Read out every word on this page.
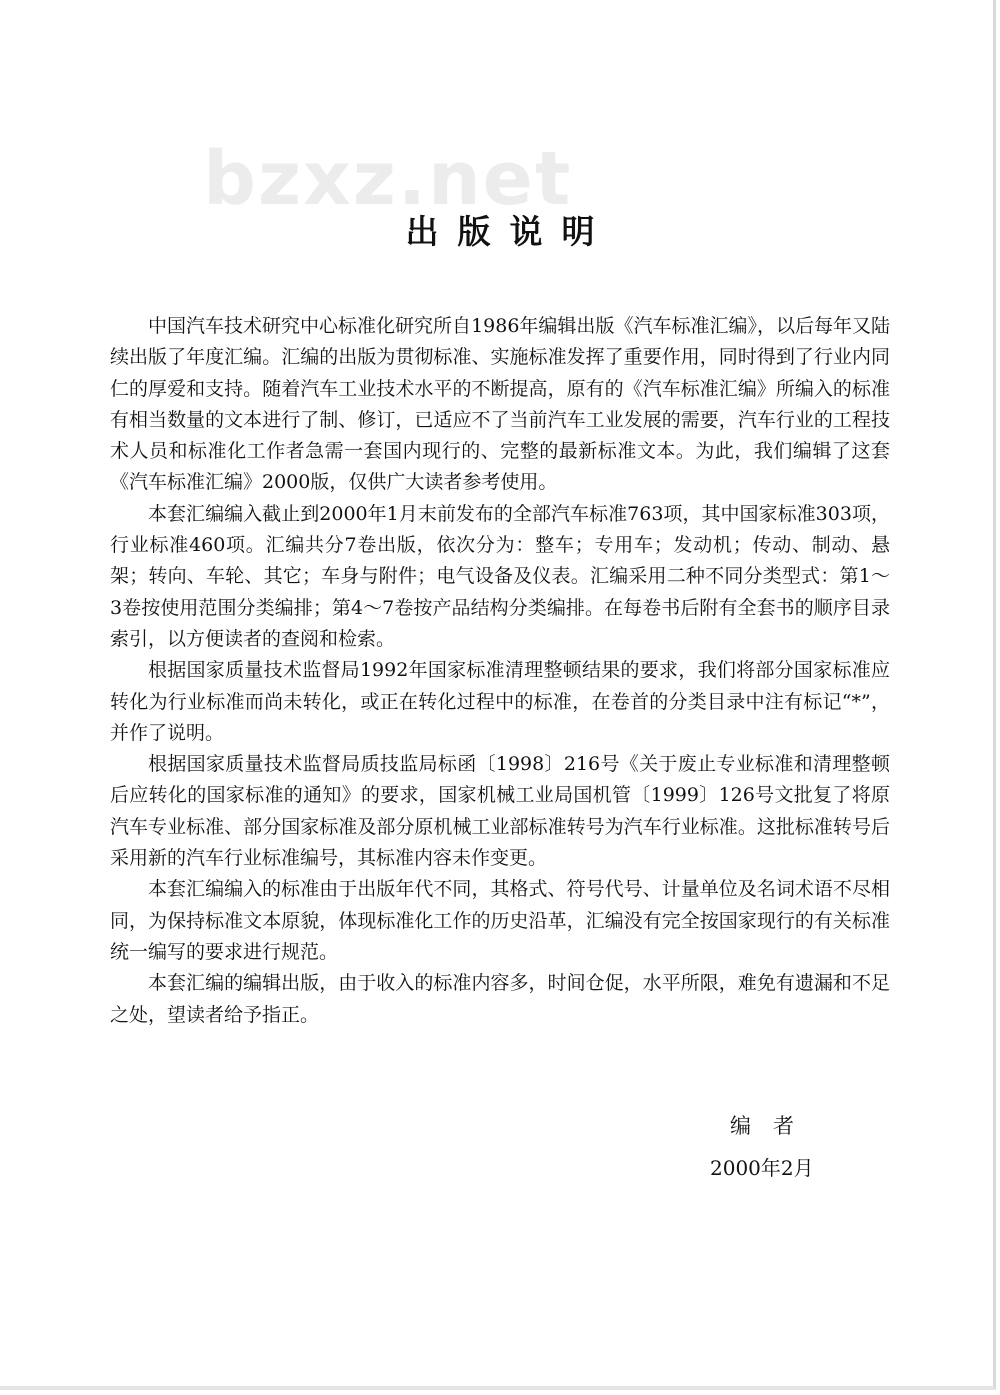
bzxz.net
出版说明

中国汽车技术研究中心标准化研究所自1986年编辑出版《汽车标准汇编》，以后每年又陆续出版了年度汇编。汇编的出版为贯彻标准、实施标准发挥了重要作用，同时得到了行业内同仁的厚爱和支持。随着汽车工业技术水平的不断提高，原有的《汽车标准汇编》所编入的标准有相当数量的文本进行了制、修订，已适应不了当前汽车工业发展的需要，汽车行业的工程技术人员和标准化工作者急需一套国内现行的、完整的最新标准文本。为此，我们编辑了这套《汽车标准汇编》2000版，仅供广大读者参考使用。

本套汇编编入截止到2000年1月末前发布的全部汽车标准763项，其中国家标准303项，行业标准460项。汇编共分7卷出版，依次分为：整车；专用车；发动机；传动、制动、悬架；转向、车轮、其它；车身与附件；电气设备及仪表。汇编采用二种不同分类型式：第1～3卷按使用范围分类编排；第4～7卷按产品结构分类编排。在每卷书后附有全套书的顺序目录索引，以方便读者的查阅和检索。

根据国家质量技术监督局1992年国家标准清理整顿结果的要求，我们将部分国家标准应转化为行业标准而尚未转化，或正在转化过程中的标准，在卷首的分类目录中注有标记“*”，并作了说明。

根据国家质量技术监督局质技监局标函〔1998〕216号《关于废止专业标准和清理整顿后应转化的国家标准的通知》的要求，国家机械工业局国机管〔1999〕126号文批复了将原汽车专业标准、部分国家标准及部分原机械工业部标准转号为汽车行业标准。这批标准转号后采用新的汽车行业标准编号，其标准内容未作变更。

本套汇编编入的标准由于出版年代不同，其格式、符号代号、计量单位及名词术语不尽相同，为保持标准文本原貌，体现标准化工作的历史沿革，汇编没有完全按国家现行的有关标准统一编写的要求进行规范。

本套汇编的编辑出版，由于收入的标准内容多，时间仓促，水平所限，难免有遗漏和不足之处，望读者给予指正。

编者
2000年2月
